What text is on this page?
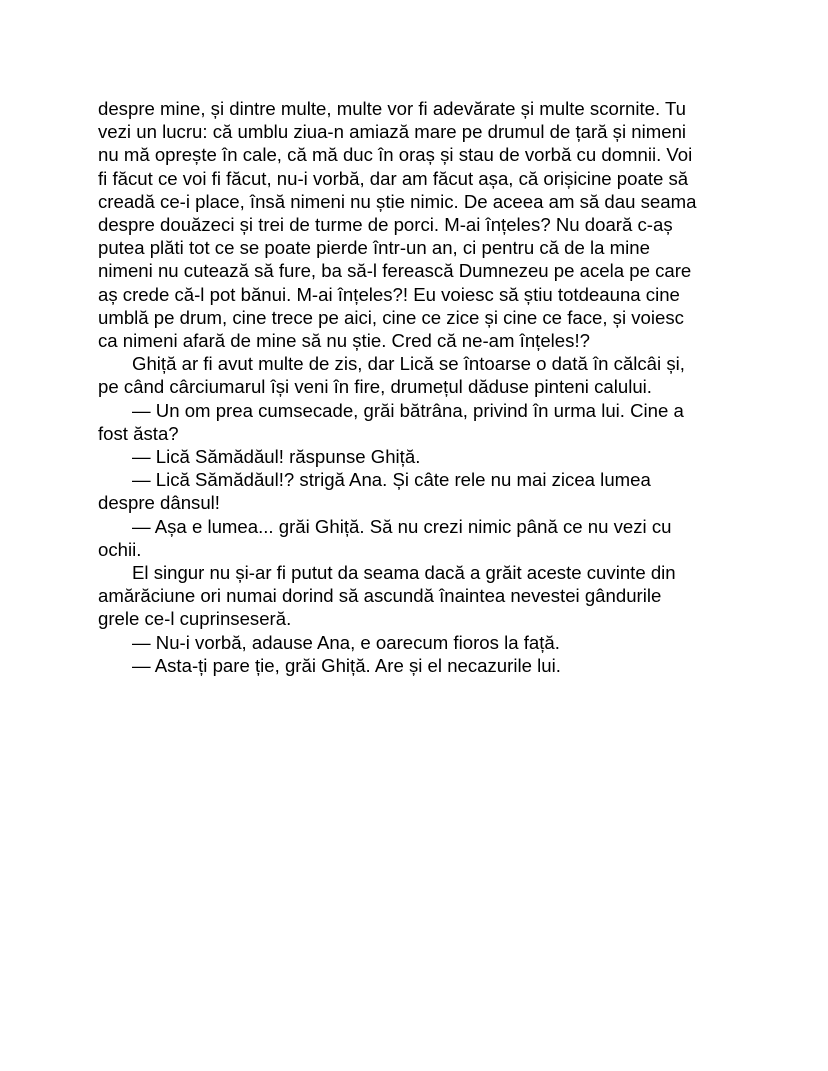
despre mine, și dintre multe, multe vor fi adevărate și multe scornite. Tu
vezi un lucru: că umblu ziua-n amiază mare pe drumul de țară și nimeni
nu mă oprește în cale, că mă duc în oraș și stau de vorbă cu domnii. Voi
fi făcut ce voi fi făcut, nu-i vorbă, dar am făcut așa, că orișicine poate să
creadă ce-i place, însă nimeni nu știe nimic. De aceea am să dau seama
despre douăzeci și trei de turme de porci. M-ai înțeles? Nu doară c-aș
putea plăti tot ce se poate pierde într-un an, ci pentru că de la mine
nimeni nu cutează să fure, ba să-l ferească Dumnezeu pe acela pe care
aș crede că-l pot bănui. M-ai înțeles?! Eu voiesc să știu totdeauna cine
umblă pe drum, cine trece pe aici, cine ce zice și cine ce face, și voiesc
ca nimeni afară de mine să nu știe. Cred că ne-am înțeles!?

Ghiță ar fi avut multe de zis, dar Lică se întoarse o dată în călcâi și,

pe când cârciumarul își veni în fire, drumețul dăduse pinteni calului.

— Un om prea cumsecade, grăi bătrâna, privind în urma lui. Cine a

fost ăsta?

— Lică Sămădăul! răspunse Ghiță.

— Lică Sămădăul!? strigă Ana. Și câte rele nu mai zicea lumea

despre dânsul!

— Așa e lumea... grăi Ghiță. Să nu crezi nimic până ce nu vezi cu

ochii.

El singur nu și-ar fi putut da seama dacă a grăit aceste cuvinte din

amărăciune ori numai dorind să ascundă înaintea nevestei gândurile
grele ce-l cuprinseseră.

— Nu-i vorbă, adause Ana, e oarecum fioros la față.

— Asta-ți pare ție, grăi Ghiță. Are și el necazurile lui.
